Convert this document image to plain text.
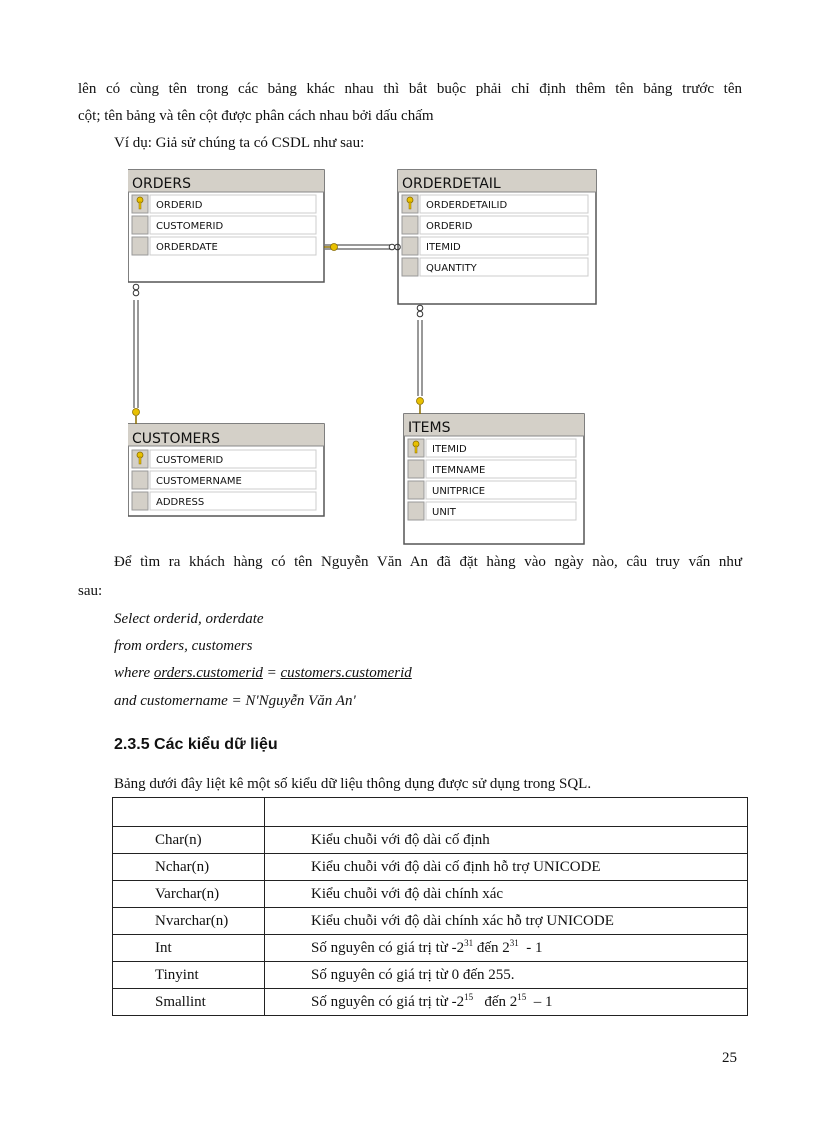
lên có cùng tên trong các bảng khác nhau thì bắt buộc phải chỉ định thêm tên bảng trước tên

cột; tên bảng và tên cột được phân cách nhau bởi dấu chấm

Ví dụ: Giả sử chúng ta có CSDL như sau:
ORDERS
ORDERID
CUSTOMERID
ORDERDATE
ORDERDETAIL
ORDERDETAILID
ORDERID
ITEMID
QUANTITY
CUSTOMERS
CUSTOMERID
CUSTOMERNAME
ADDRESS
ITEMS
ITEMID
ITEMNAME
UNITPRICE
UNIT

Để tìm ra khách hàng có tên Nguyễn Văn An đã đặt hàng vào ngày nào, câu truy vấn như

sau:

Select orderid, orderdate
from orders, customers
where orders.customerid = customers.customerid
and customername = N'Nguyễn Văn An'
2.3.5 Các kiểu dữ liệu
Bảng dưới đây liệt kê một số kiểu dữ liệu thông dụng được sử dụng trong SQL.

Char(n)	Kiểu chuỗi với độ dài cố định
Nchar(n)	Kiểu chuỗi với độ dài cố định hỗ trợ UNICODE
Varchar(n)	Kiểu chuỗi với độ dài chính xác
Nvarchar(n)	Kiểu chuỗi với độ dài chính xác hỗ trợ UNICODE
Int	Số nguyên có giá trị từ $-2^{31}$ đến $2^{31} - 1$
Tinyint	Số nguyên có giá trị từ 0 đến 255.
Smallint	Số nguyên có giá trị từ $-2^{15}$   đến $2^{15} - 1$
25
